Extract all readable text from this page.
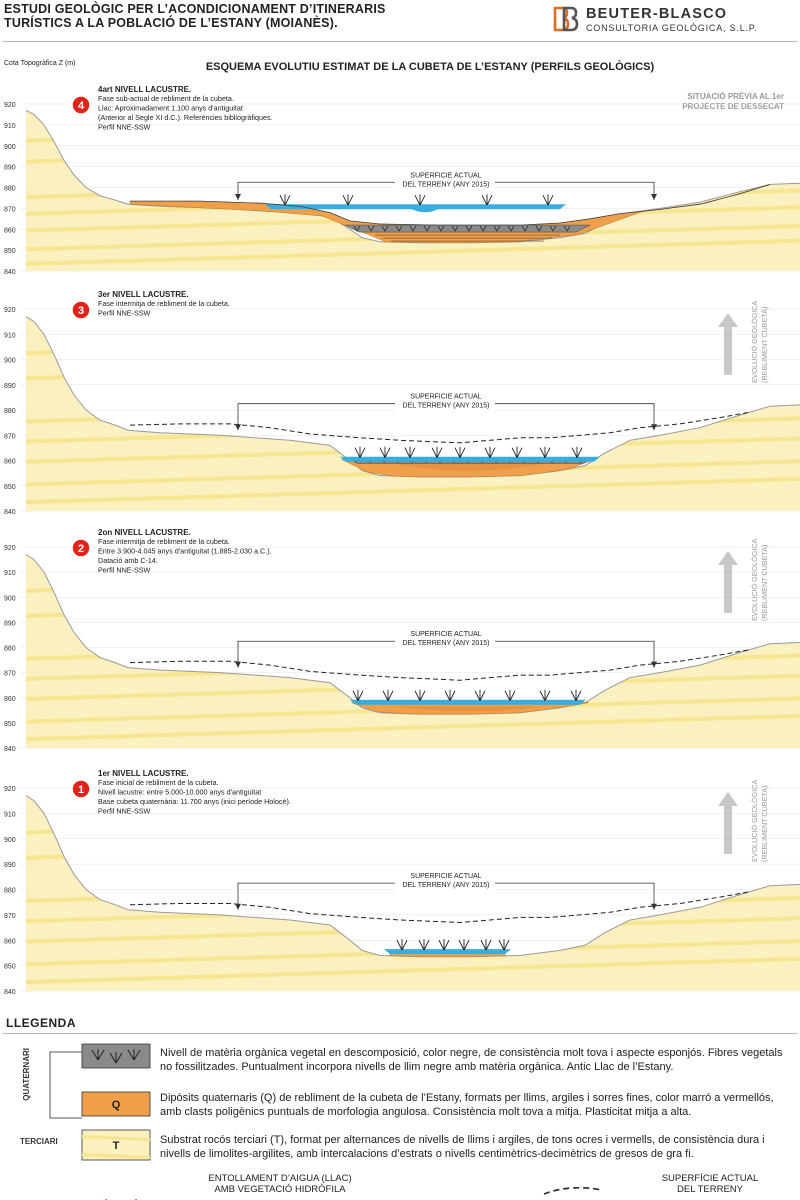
ESTUDI GEOLÒGIC PER L’ACONDICIONAMENT D’ITINERARIS
TURÍSTICS A LA POBLACIÓ DE L’ESTANY (MOIANÈS).
BEUTER-BLASCO
CONSULTORIA GEOLÒGICA, S.L.P.
Cota Topogràfica Z (m)	ESQUEMA EVOLUTIU ESTIMAT DE LA CUBETA DE L’ESTANY (PERFILS GEOLÒGICS)
SITUACIÓ PRÈVIA AL 1er
PROJECTE DE DESSECAT
920
910
900
890
880
870
860
850
840
SUPERFICIE ACTUAL
DEL TERRENY (ANY 2015)
4
4art NIVELL LACUSTRE.
Fase sub-actual de rebliment de la cubeta.
Llac: Aproximadament 1.100 anys d'antiguitat
(Anterior al Segle XI d.C.). Referències bibliogràfiques.
Perfil NNE-SSW
920
910
900
890
880
870
860
850
840
SUPERFICIE ACTUAL
DEL TERRENY (ANY 2015)
3
3er NIVELL LACUSTRE.
Fase intermitja de rebliment de la cubeta.
Perfil NNE-SSW	EVOLUCIÓ GEOLÒGICA (REBLIMENT CUBETA)
920
910
900
890
880
870
860
850
840
SUPERFICIE ACTUAL
DEL TERRENY (ANY 2015)
2
2on NIVELL LACUSTRE.
Fase intermitja de rebliment de la cubeta.
Entre 3.900-4.045 anys d'antiguitat (1.885-2.030 a.C.).
Datació amb C-14.
Perfil NNE-SSW	EVOLUCIÓ GEOLÒGICA (REBLIMENT CUBETA)
920
910
900
890
880
870
860
850
840
SUPERFICIE ACTUAL
DEL TERRENY (ANY 2015)
1
1er NIVELL LACUSTRE.
Fase inicial de rebliment de la cubeta.
Nivell lacustre: entre 5.000-10.000 anys d'antiguitat
Base cubeta quaternària: 11.700 anys (inici període Holocè).
Perfil NNE-SSW	EVOLUCIÓ GEOLÒGICA (REBLIMENT CUBETA)
LLEGENDA
Q
T
QUATERNARI
TERCIARI
Nivell de matèria orgànica vegetal en descomposició, color negre, de consistència molt tova i aspecte esponjós. Fibres vegetals no fossilitzades. Puntualment incorpora nivells de llim negre amb matèria orgànica. Antic Llac de l’Estany.
Dipòsits quaternaris (Q) de rebliment de la cubeta de l’Estany, formats per llims, argiles i sorres fines, color marró a vermellós, amb clasts poligènics puntuals de morfologia angulosa. Consistència molt tova a mitja. Plasticitat mitja a alta.
Substrat rocós terciari (T), format per alternances de nivells de llims i argiles, de tons ocres i vermells, de consistència dura i nivells de limolites-argilites, amb intercalacions d’estrats o nivells centimètrics-decimètrics de gresos de gra fi.
ENTOLLAMENT D’AIGUA (LLAC)
AMB VEGETACIÓ HIDRÒFILA
SUPERFÍCIE ACTUAL
DEL TERRENY
